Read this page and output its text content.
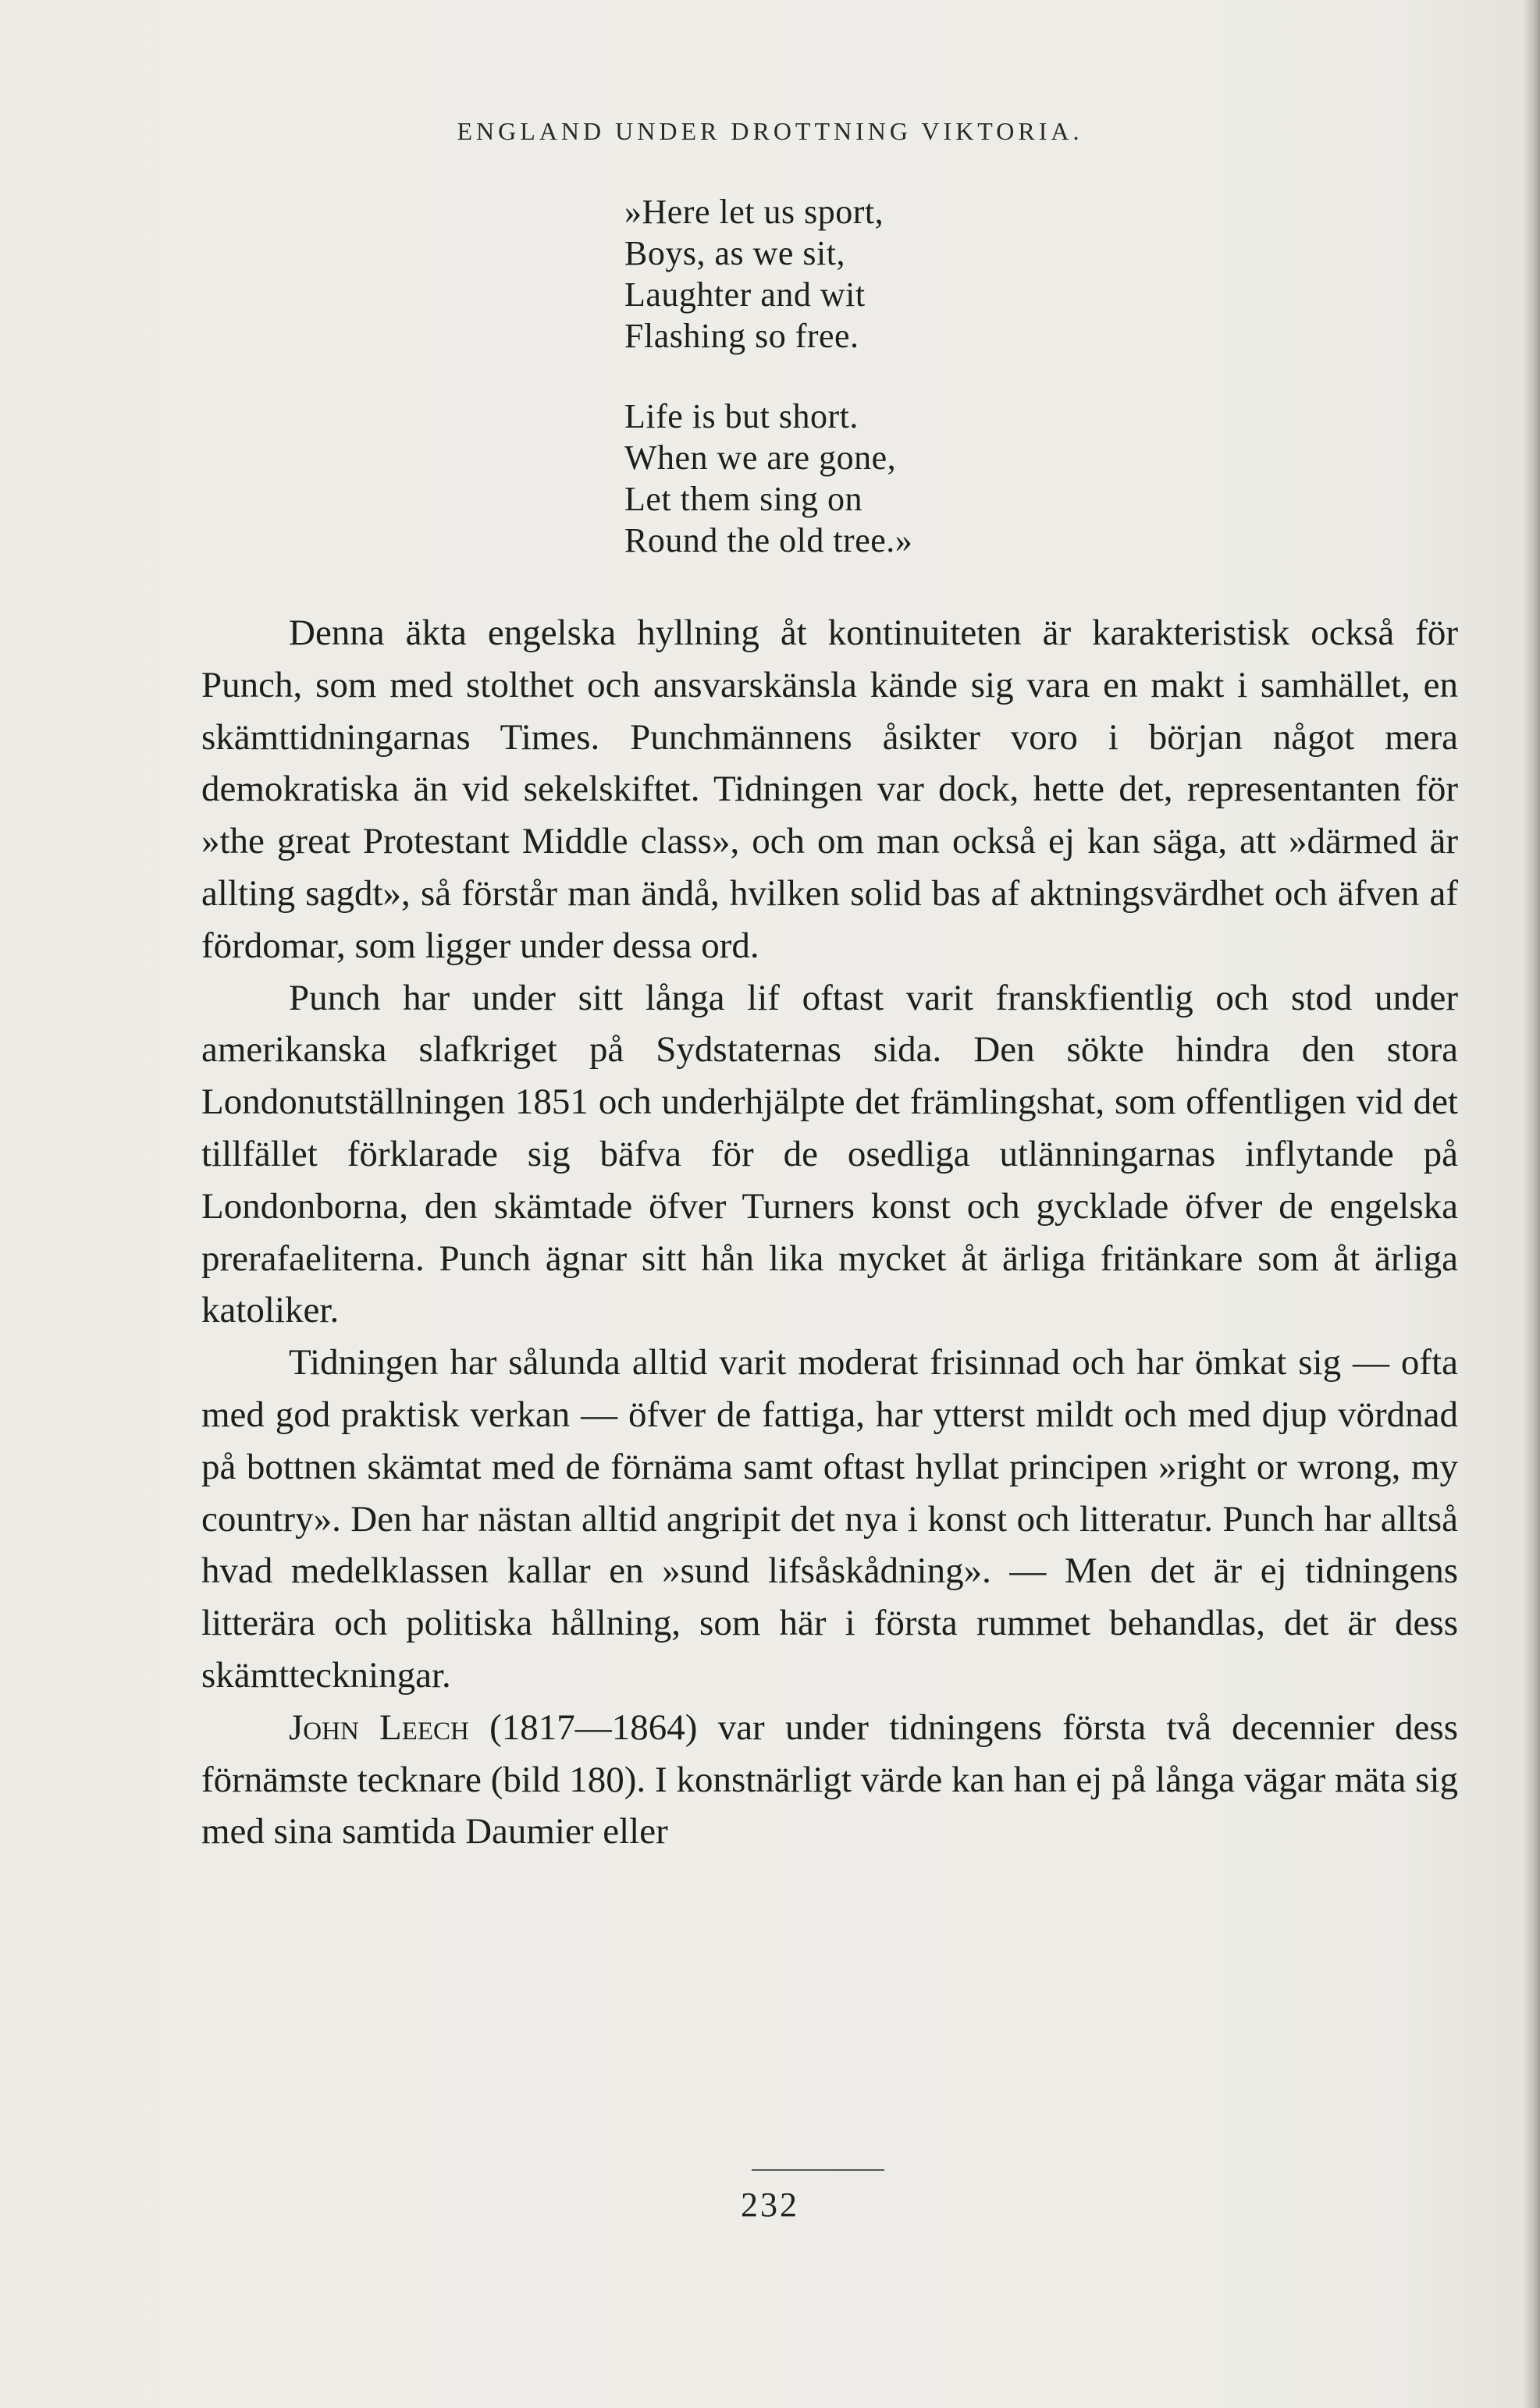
ENGLAND UNDER DROTTNING VIKTORIA.
»Here let us sport,
Boys, as we sit,
Laughter and wit
Flashing so free.
Life is but short.
When we are gone,
Let them sing on
Round the old tree.»

Denna äkta engelska hyllning åt kontinuiteten är karakteristisk också för Punch, som med stolthet och ansvarskänsla kände sig vara en makt i samhället, en skämttidningarnas Times. Punchmännens åsikter voro i början något mera demokratiska än vid sekelskiftet. Tidningen var dock, hette det, representanten för »the great Protestant Middle class», och om man också ej kan säga, att »därmed är allting sagdt», så förstår man ändå, hvilken solid bas af aktningsvärdhet och äfven af fördomar, som ligger under dessa ord.

Punch har under sitt långa lif oftast varit franskfientlig och stod under amerikanska slafkriget på Sydstaternas sida. Den sökte hindra den stora Londonutställningen 1851 och underhjälpte det främlingshat, som offentligen vid det tillfället förklarade sig bäfva för de osedliga utlänningarnas inflytande på Londonborna, den skämtade öfver Turners konst och gycklade öfver de engelska prerafaeliterna. Punch ägnar sitt hån lika mycket åt ärliga fritänkare som åt ärliga katoliker.

Tidningen har sålunda alltid varit moderat frisinnad och har ömkat sig — ofta med god praktisk verkan — öfver de fattiga, har ytterst mildt och med djup vördnad på bottnen skämtat med de förnäma samt oftast hyllat principen »right or wrong, my country». Den har nästan alltid angripit det nya i konst och litteratur. Punch har alltså hvad medelklassen kallar en »sund lifsåskådning». — Men det är ej tidningens litterära och politiska hållning, som här i första rummet behandlas, det är dess skämtteckningar.

John Leech (1817—1864) var under tidningens första två decennier dess förnämste tecknare (bild 180). I konstnärligt värde kan han ej på långa vägar mäta sig med sina samtida Daumier eller

232
